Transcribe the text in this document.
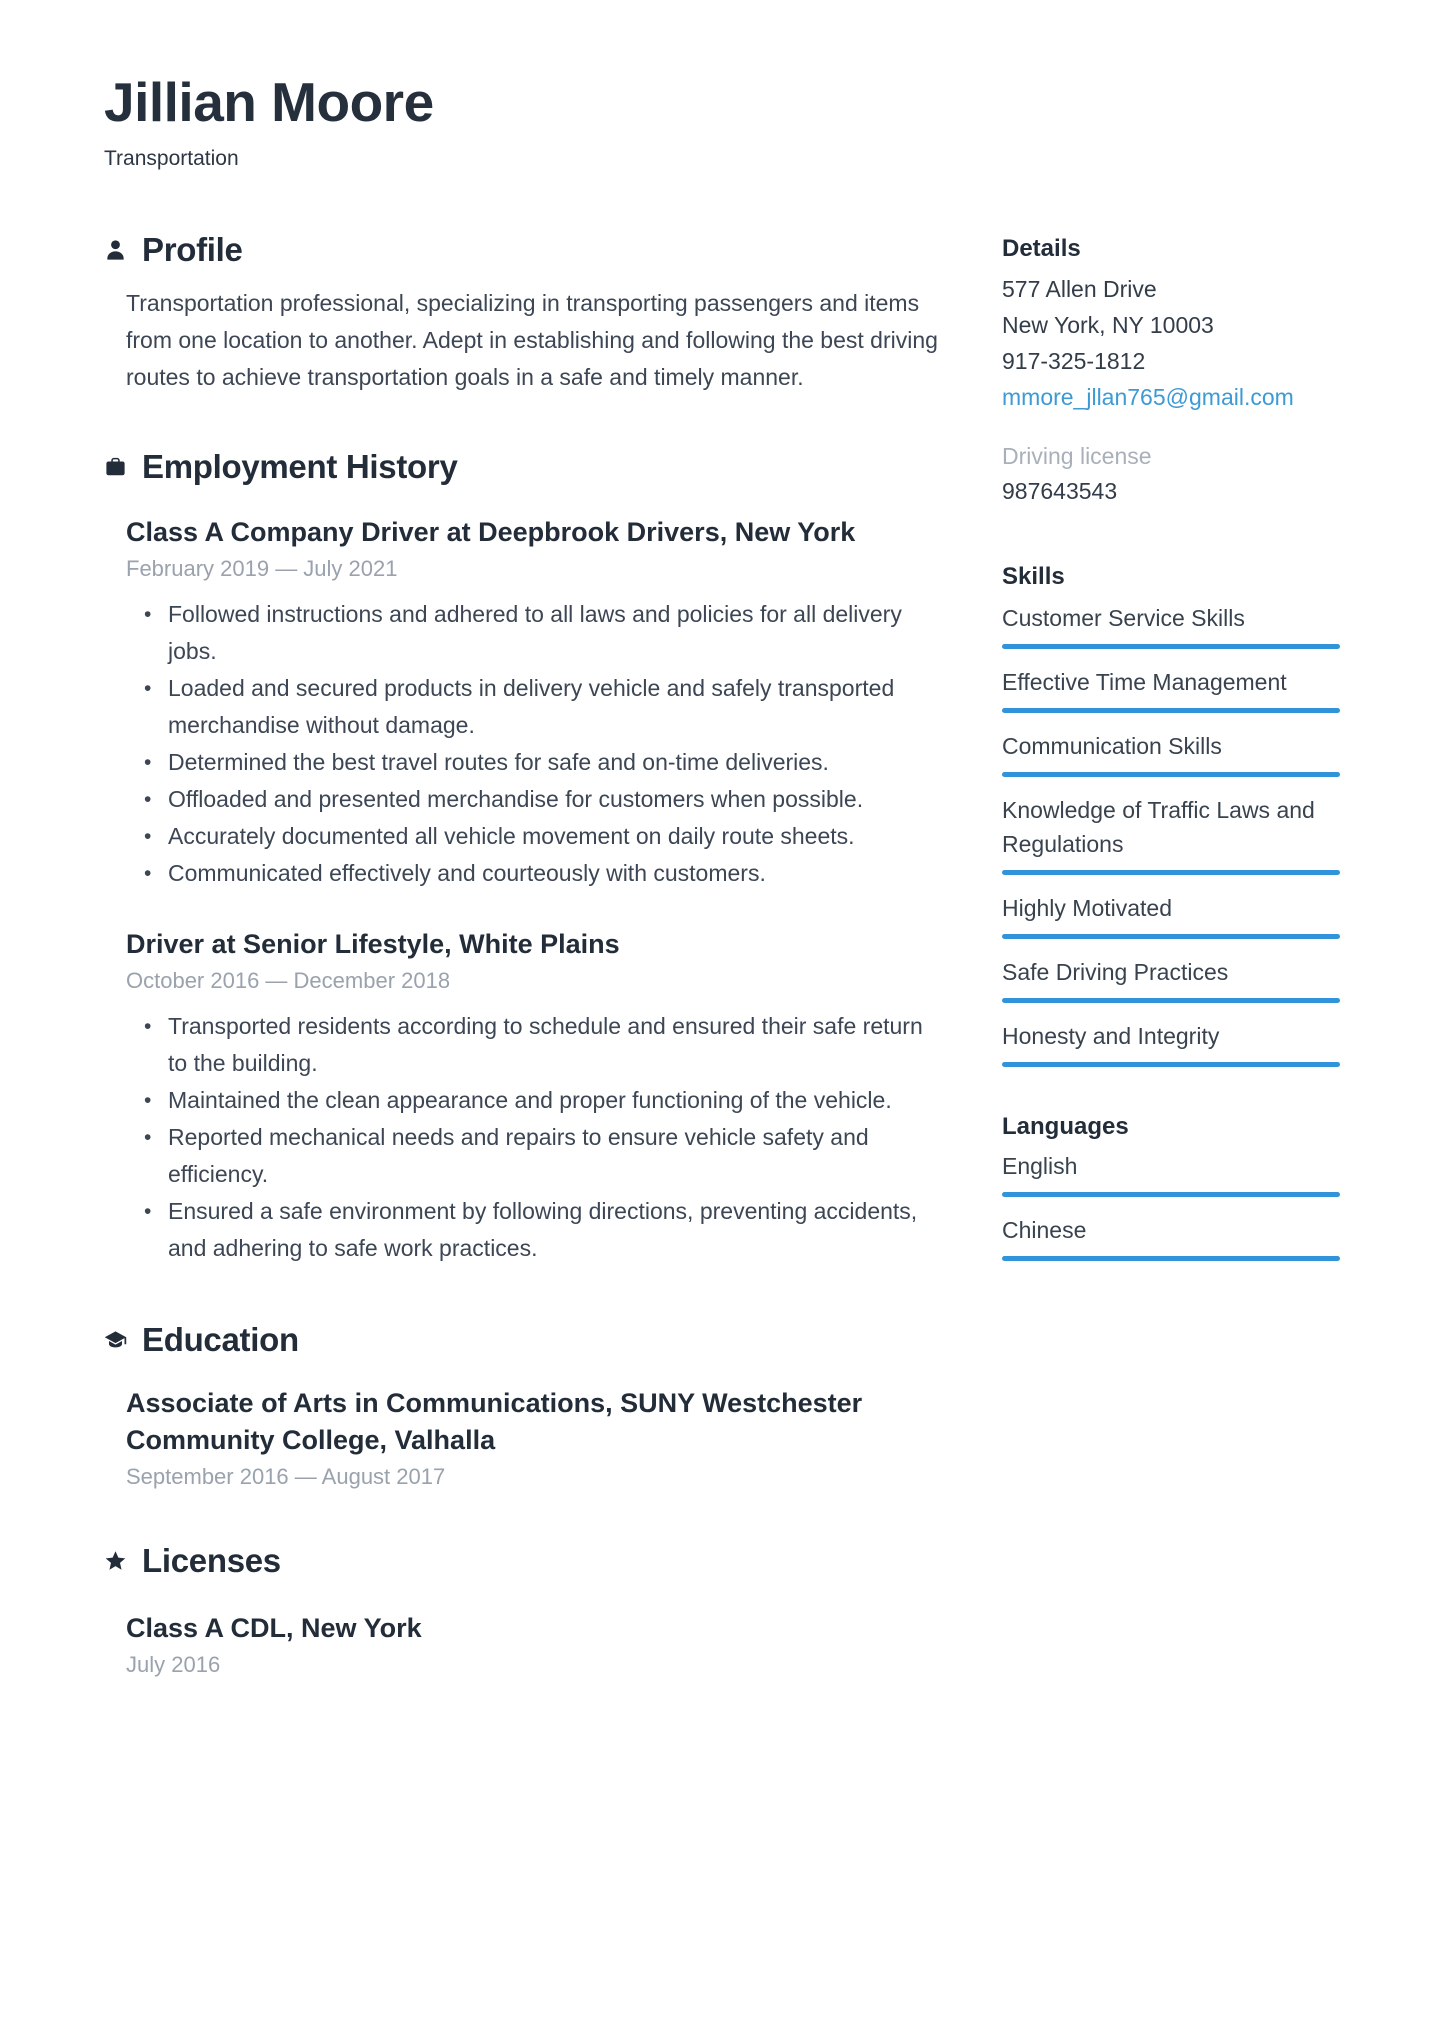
Jillian Moore
Transportation
Profile

Transportation professional, specializing in transporting passengers and items from one location to another. Adept in establishing and following the best driving routes to achieve transportation goals in a safe and timely manner.

Employment History
Class A Company Driver at Deepbrook Drivers, New York
February 2019 — July 2021
• Followed instructions and adhered to all laws and policies for all delivery jobs.
• Loaded and secured products in delivery vehicle and safely transported merchandise without damage.
• Determined the best travel routes for safe and on-time deliveries.
• Offloaded and presented merchandise for customers when possible.
• Accurately documented all vehicle movement on daily route sheets.
• Communicated effectively and courteously with customers.
Driver at Senior Lifestyle, White Plains
October 2016 — December 2018
• Transported residents according to schedule and ensured their safe return to the building.
• Maintained the clean appearance and proper functioning of the vehicle.
• Reported mechanical needs and repairs to ensure vehicle safety and efficiency.
• Ensured a safe environment by following directions, preventing accidents, and adhering to safe work practices.
Education
Associate of Arts in Communications, SUNY Westchester Community College, Valhalla
September 2016 — August 2017
Licenses
Class A CDL, New York
July 2016
Details
577 Allen Drive
New York, NY 10003
917-325-1812
mmore_jllan765@gmail.com
Driving license
987643543
Skills
Customer Service Skills
Effective Time Management
Communication Skills
Knowledge of Traffic Laws and Regulations
Highly Motivated
Safe Driving Practices
Honesty and Integrity
Languages
English
Chinese
